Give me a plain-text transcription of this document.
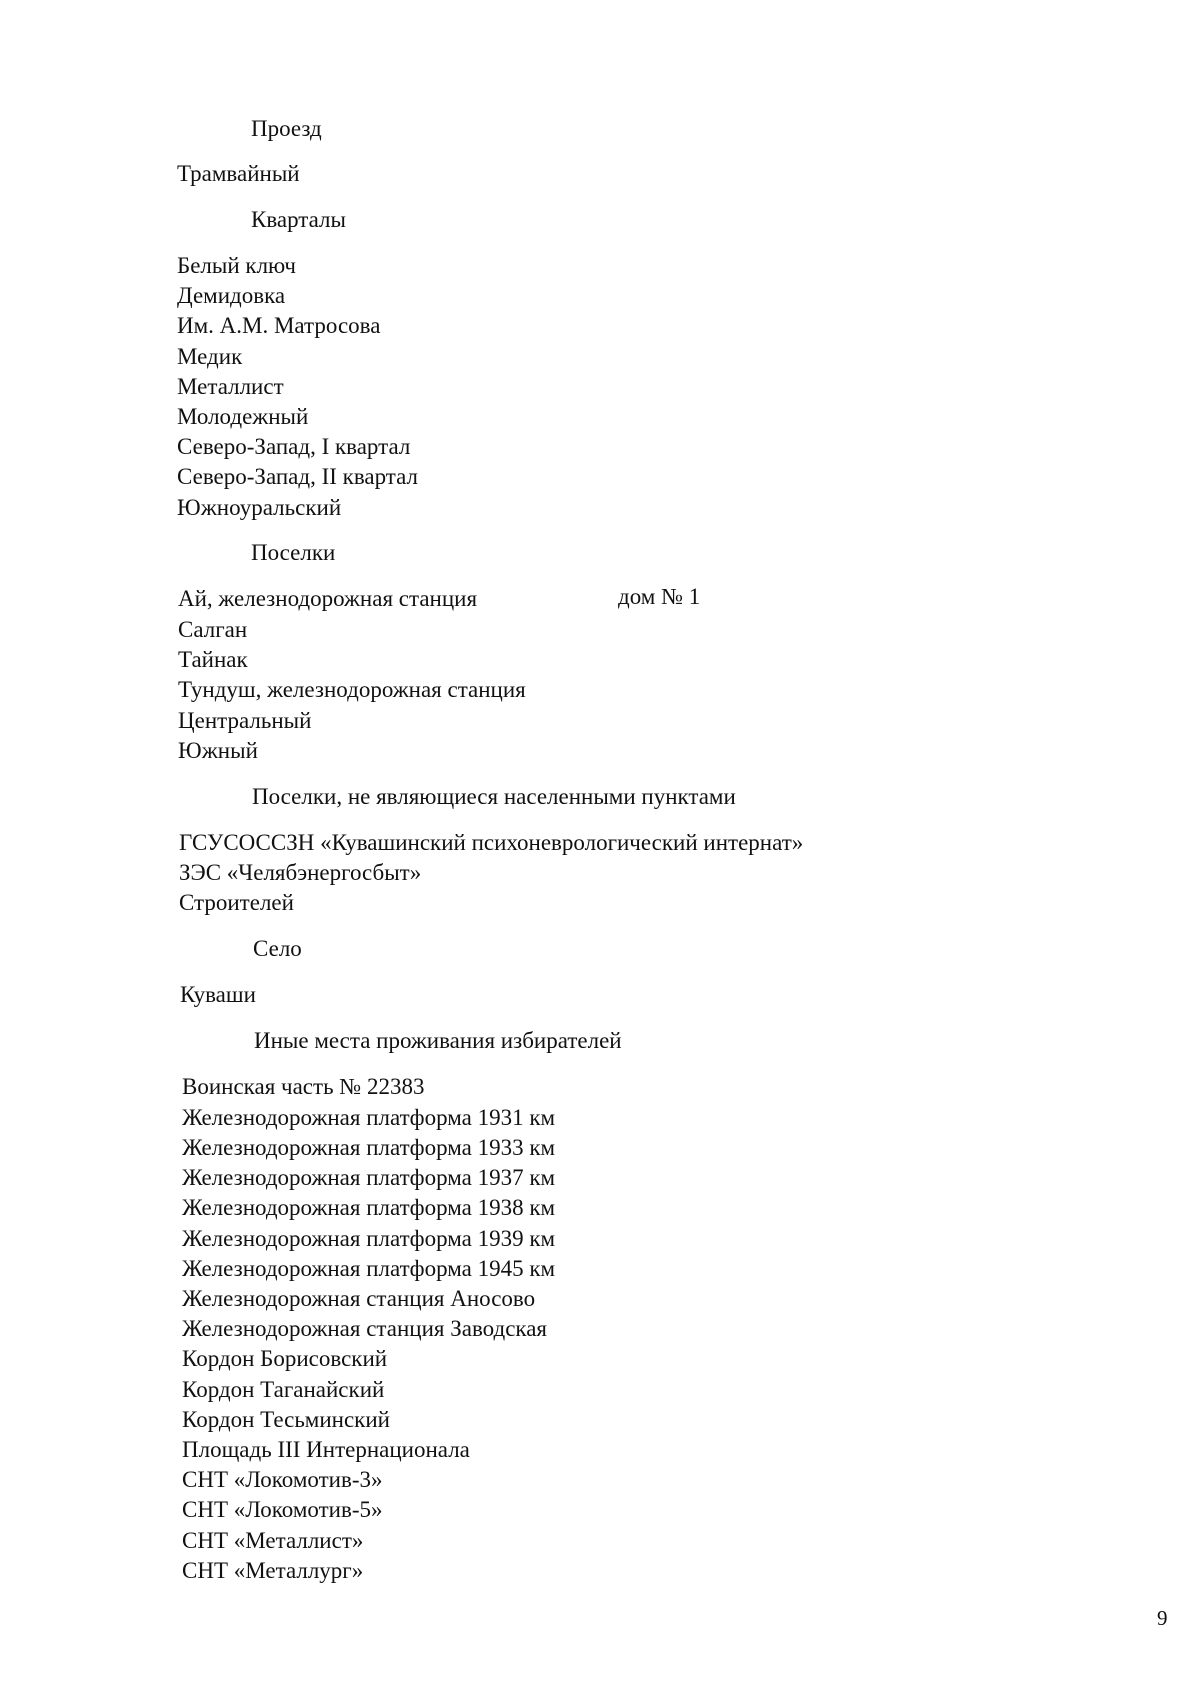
Проезд
Трамвайный
Кварталы
Белый ключ
Демидовка
Им. А.М. Матросова
Медик
Металлист
Молодежный
Северо-Запад, I квартал
Северо-Запад, II квартал
Южноуральский
Поселки
Ай, железнодорожная станция	дом № 1
Салган
Тайнак
Тундуш, железнодорожная станция
Центральный
Южный
Поселки, не являющиеся населенными пунктами
ГСУСОССЗН «Кувашинский психоневрологический интернат»
ЗЭС «Челябэнергосбыт»
Строителей
Село
Куваши
Иные места проживания избирателей
Воинская часть № 22383
Железнодорожная платформа 1931 км
Железнодорожная платформа 1933 км
Железнодорожная платформа 1937 км
Железнодорожная платформа 1938 км
Железнодорожная платформа 1939 км
Железнодорожная платформа 1945 км
Железнодорожная станция Аносово
Железнодорожная станция Заводская
Кордон Борисовский
Кордон Таганайский
Кордон Тесьминский
Площадь III Интернационала
СНТ «Локомотив-3»
СНТ «Локомотив-5»
СНТ «Металлист»
СНТ «Металлург»
9
